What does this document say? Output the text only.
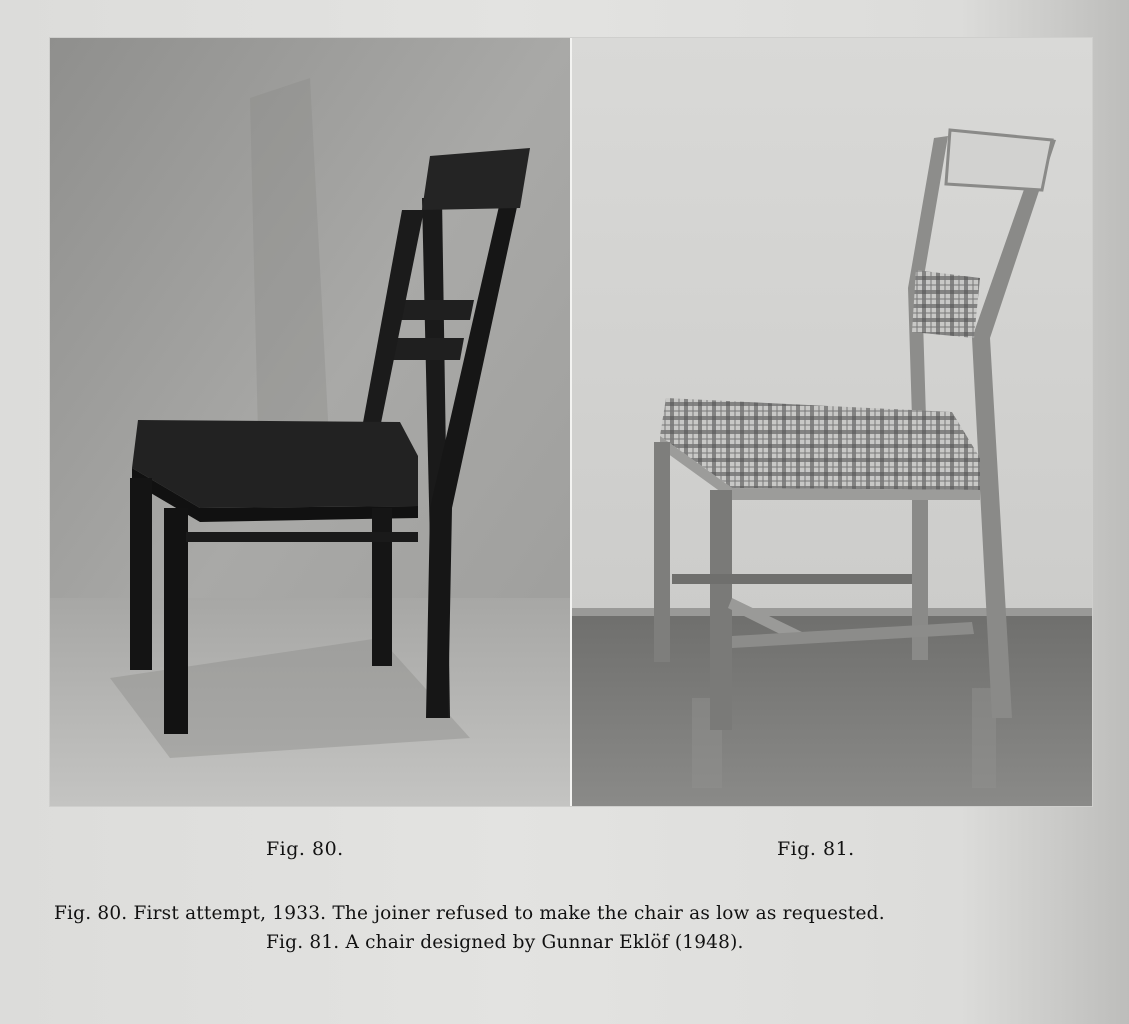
Fig. 80.	Fig. 81.
Fig. 80. First attempt, 1933. The joiner refused to make the chair as low as requested.
Fig. 81. A chair designed by Gunnar Eklöf (1948).
